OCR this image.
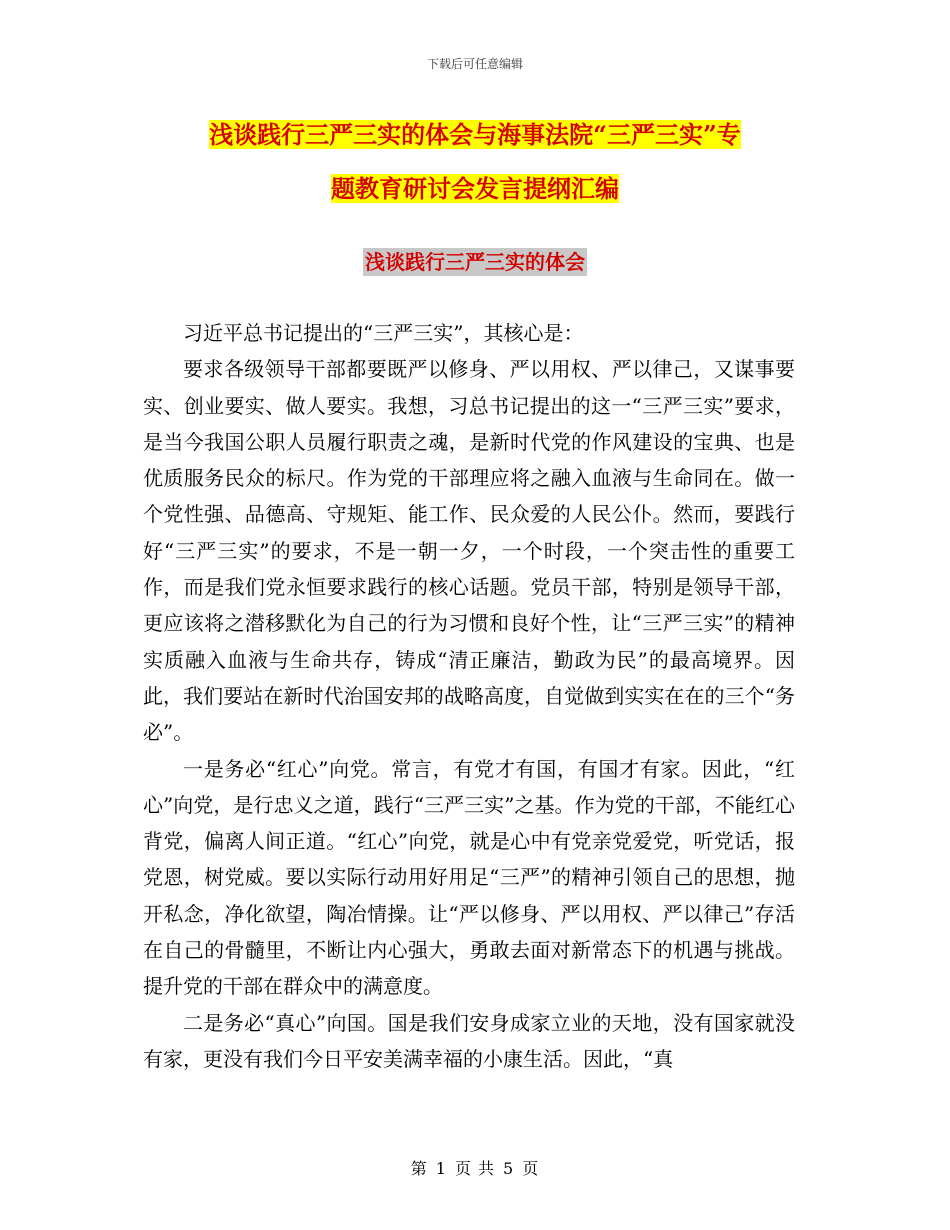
下载后可任意编辑
浅谈践行三严三实的体会与海事法院“三严三实”专
题教育研讨会发言提纲汇编
浅谈践行三严三实的体会

习近平总书记提出的“三严三实”，其核心是：

要求各级领导干部都要既严以修身、严以用权、严以律己，又谋事要实、创业要实、做人要实。我想，习总书记提出的这一“三严三实”要求，是当今我国公职人员履行职责之魂，是新时代党的作风建设的宝典、也是优质服务民众的标尺。作为党的干部理应将之融入血液与生命同在。做一个党性强、品德高、守规矩、能工作、民众爱的人民公仆。然而，要践行好“三严三实”的要求，不是一朝一夕，一个时段，一个突击性的重要工作，而是我们党永恒要求践行的核心话题。党员干部，特别是领导干部，更应该将之潜移默化为自己的行为习惯和良好个性，让“三严三实”的精神实质融入血液与生命共存，铸成“清正廉洁，勤政为民”的最高境界。因此，我们要站在新时代治国安邦的战略高度，自觉做到实实在在的三个“务必”。

一是务必“红心”向党。常言，有党才有国，有国才有家。因此，“红心”向党，是行忠义之道，践行“三严三实”之基。作为党的干部，不能红心背党，偏离人间正道。“红心”向党，就是心中有党亲党爱党，听党话，报党恩，树党威。要以实际行动用好用足“三严”的精神引领自己的思想，抛开私念，净化欲望，陶冶情操。让“严以修身、严以用权、严以律己”存活在自己的骨髓里，不断让内心强大，勇敢去面对新常态下的机遇与挑战。提升党的干部在群众中的满意度。

二是务必“真心”向国。国是我们安身成家立业的天地，没有国家就没有家，更没有我们今日平安美满幸福的小康生活。因此，“真

第 1 页 共 5 页
